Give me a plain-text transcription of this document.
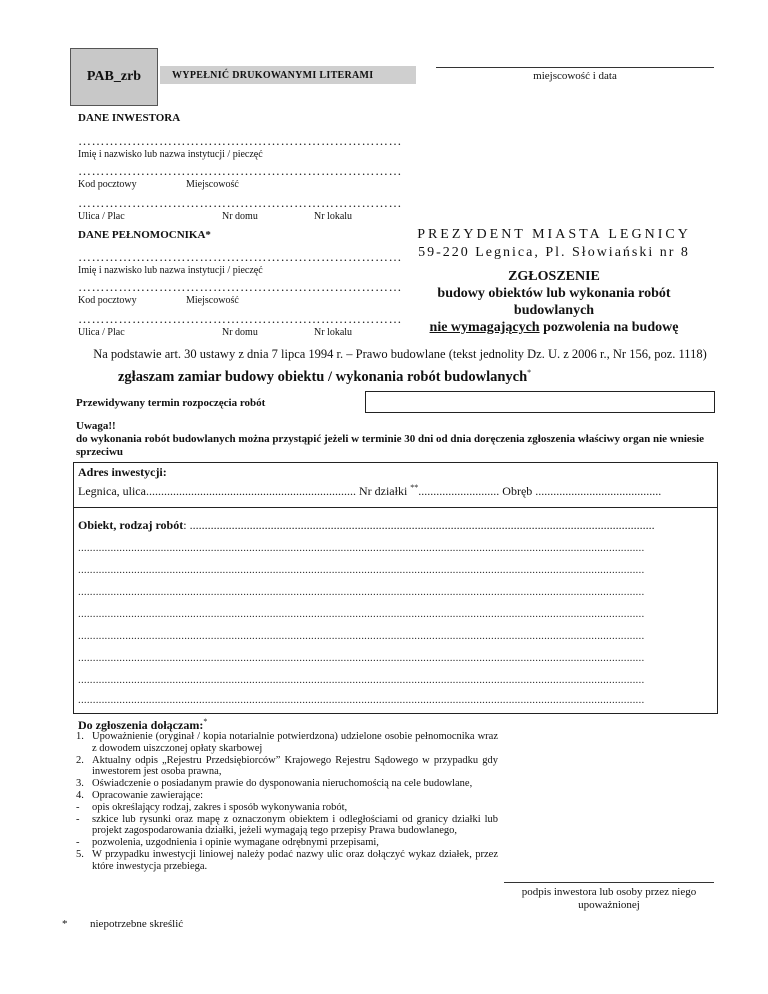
PAB_zrb	WYPEŁNIĆ DRUKOWANYMI LITERAMI	miejscowość i data
DANE INWESTORA
………………………………………………………………
Imię i nazwisko lub nazwa instytucji / pieczęć
………………………………………………………………
Kod pocztowy	Miejscowość
………………………………………………………………
Ulica / Plac	Nr domu	Nr lokalu
DANE PEŁNOMOCNIKA*
………………………………………………………………
Imię i nazwisko lub nazwa instytucji / pieczęć
………………………………………………………………
Kod pocztowy	Miejscowość
………………………………………………………………
Ulica / Plac	Nr domu	Nr lokalu
PREZYDENT MIASTA LEGNICY
59-220 Legnica, Pl. Słowiański nr 8
ZGŁOSZENIE
budowy obiektów lub wykonania robót
budowlanych
nie wymagających pozwolenia na budowę
Na podstawie art. 30 ustawy z dnia 7 lipca 1994 r. – Prawo budowlane (tekst jednolity Dz. U. z 2006 r., Nr 156, poz. 1118)
zgłaszam zamiar budowy obiektu / wykonania robót budowlanych*
Przewidywany termin rozpoczęcia robót
Uwaga!!
do wykonania robót budowlanych można przystąpić jeżeli w terminie 30 dni od dnia doręczenia zgłoszenia właściwy organ nie wniesie sprzeciwu
Adres inwestycji:
Legnica, ulica...................................................................... Nr działki **........................... Obręb ..........................................
Obiekt, rodzaj robót: ...........................................................................................................................................................
................................................................................................................................................................................................
................................................................................................................................................................................................
................................................................................................................................................................................................
................................................................................................................................................................................................
................................................................................................................................................................................................
................................................................................................................................................................................................
................................................................................................................................................................................................
................................................................................................................................................................................................
Do zgłoszenia dołączam:*
1. Upoważnienie (oryginał / kopia notarialnie potwierdzona) udzielone osobie pełnomocnika wraz z dowodem uiszczonej opłaty skarbowej
2. Aktualny odpis „Rejestru Przedsiębiorców” Krajowego Rejestru Sądowego w przypadku gdy inwestorem jest osoba prawna,
3. Oświadczenie o posiadanym prawie do dysponowania nieruchomością na cele budowlane,
4. Opracowanie zawierające:
- opis określający rodzaj, zakres i sposób wykonywania robót,
- szkice lub rysunki oraz mapę z oznaczonym obiektem i odległościami od granicy działki lub projekt zagospodarowania działki, jeżeli wymagają tego przepisy Prawa budowlanego,
- pozwolenia, uzgodnienia i opinie wymagane odrębnymi przepisami,
5. W przypadku inwestycji liniowej należy podać nazwy ulic oraz dołączyć wykaz działek, przez które inwestycja przebiega.
podpis inwestora lub osoby przez niego
upoważnionej
* niepotrzebne skreślić
